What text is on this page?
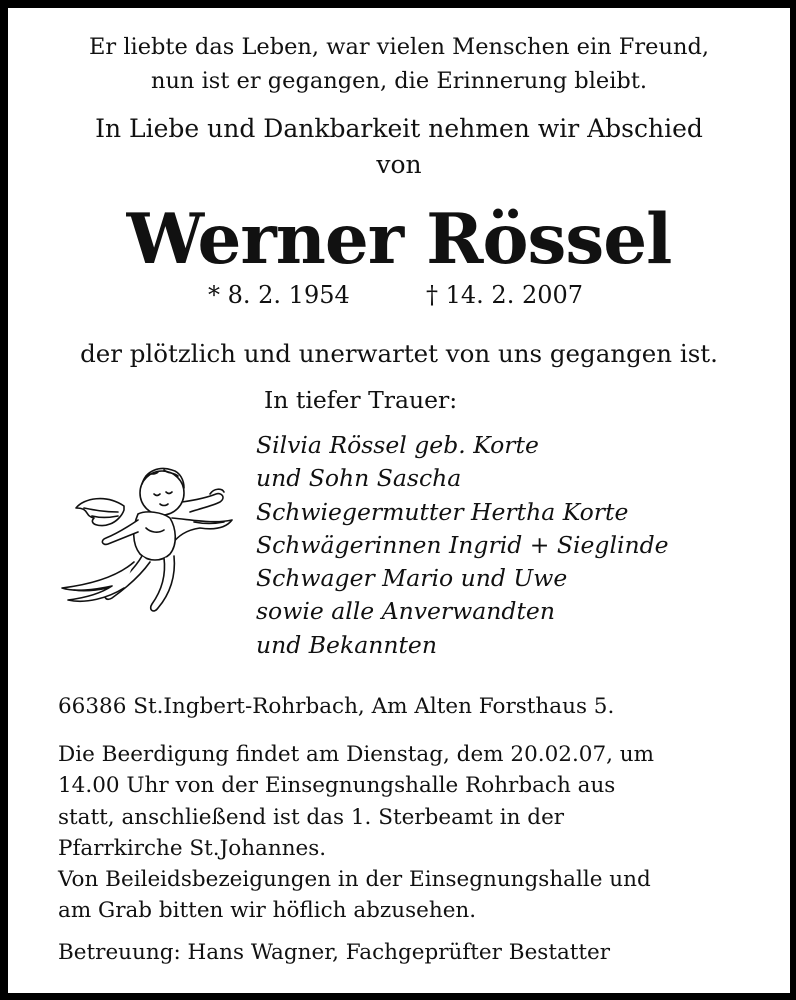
Er liebte das Leben, war vielen Menschen ein Freund,
nun ist er gegangen, die Erinnerung bleibt.
In Liebe und Dankbarkeit nehmen wir Abschied
von
Werner Rössel
* 8. 2. 1954	† 14. 2. 2007
der plötzlich und unerwartet von uns gegangen ist.
In tiefer Trauer:
Silvia Rössel geb. Korte
und Sohn Sascha
Schwiegermutter Hertha Korte
Schwägerinnen Ingrid + Sieglinde
Schwager Mario und Uwe
sowie alle Anverwandten
und Bekannten
66386 St.Ingbert-Rohrbach, Am Alten Forsthaus 5.
Die Beerdigung findet am Dienstag, dem 20.02.07, um
14.00 Uhr von der Einsegnungshalle Rohrbach aus
statt, anschließend ist das 1. Sterbeamt in der
Pfarrkirche St.Johannes.
Von Beileidsbezeigungen in der Einsegnungshalle und
am Grab bitten wir höflich abzusehen.
Betreuung: Hans Wagner, Fachgeprüfter Bestatter
